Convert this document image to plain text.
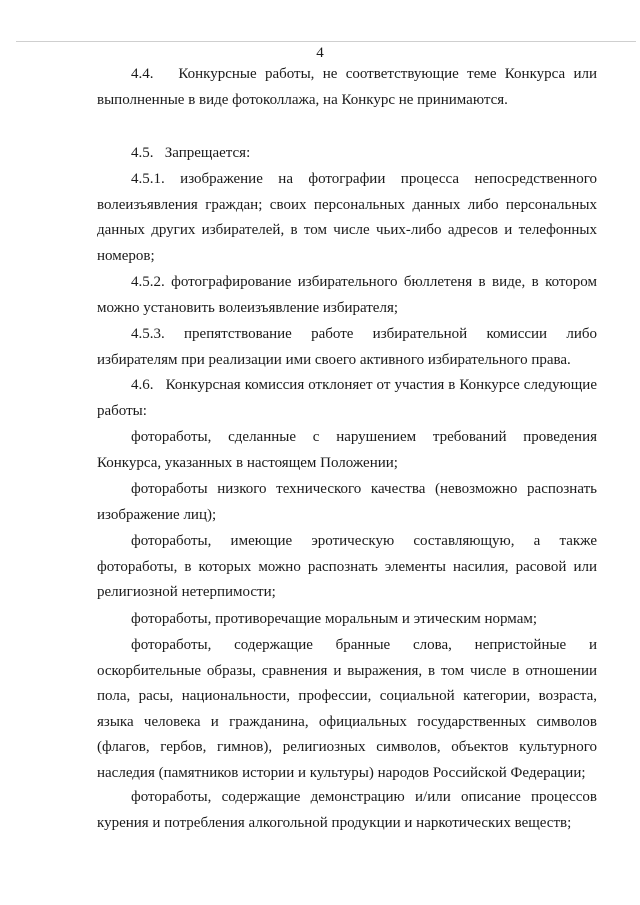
4
4.4.   Конкурсные работы, не соответствующие теме Конкурса или выполненные в виде фотоколлажа, на Конкурс не принимаются.
4.5.   Запрещается:
4.5.1. изображение на фотографии процесса непосредственного волеизъявления граждан; своих персональных данных либо персональных данных других избирателей, в том числе чьих-либо адресов и телефонных номеров;
4.5.2. фотографирование избирательного бюллетеня в виде, в котором можно установить волеизъявление избирателя;
4.5.3. препятствование работе избирательной комиссии либо избирателям при реализации ими своего активного избирательного права.
4.6.   Конкурсная комиссия отклоняет от участия в Конкурсе следующие работы:
фотоработы, сделанные с нарушением требований проведения Конкурса, указанных в настоящем Положении;
фотоработы низкого технического качества (невозможно распознать изображение лиц);
фотоработы, имеющие эротическую составляющую, а также фотоработы, в которых можно распознать элементы насилия, расовой или религиозной нетерпимости;
фотоработы, противоречащие моральным и этическим нормам;
фотоработы, содержащие бранные слова, непристойные и оскорбительные образы, сравнения и выражения, в том числе в отношении пола, расы, национальности, профессии, социальной категории, возраста, языка человека и гражданина, официальных государственных символов (флагов, гербов, гимнов), религиозных символов, объектов культурного наследия (памятников истории и культуры) народов Российской Федерации;
фотоработы, содержащие демонстрацию и/или описание процессов курения и потребления алкогольной продукции и наркотических веществ;
